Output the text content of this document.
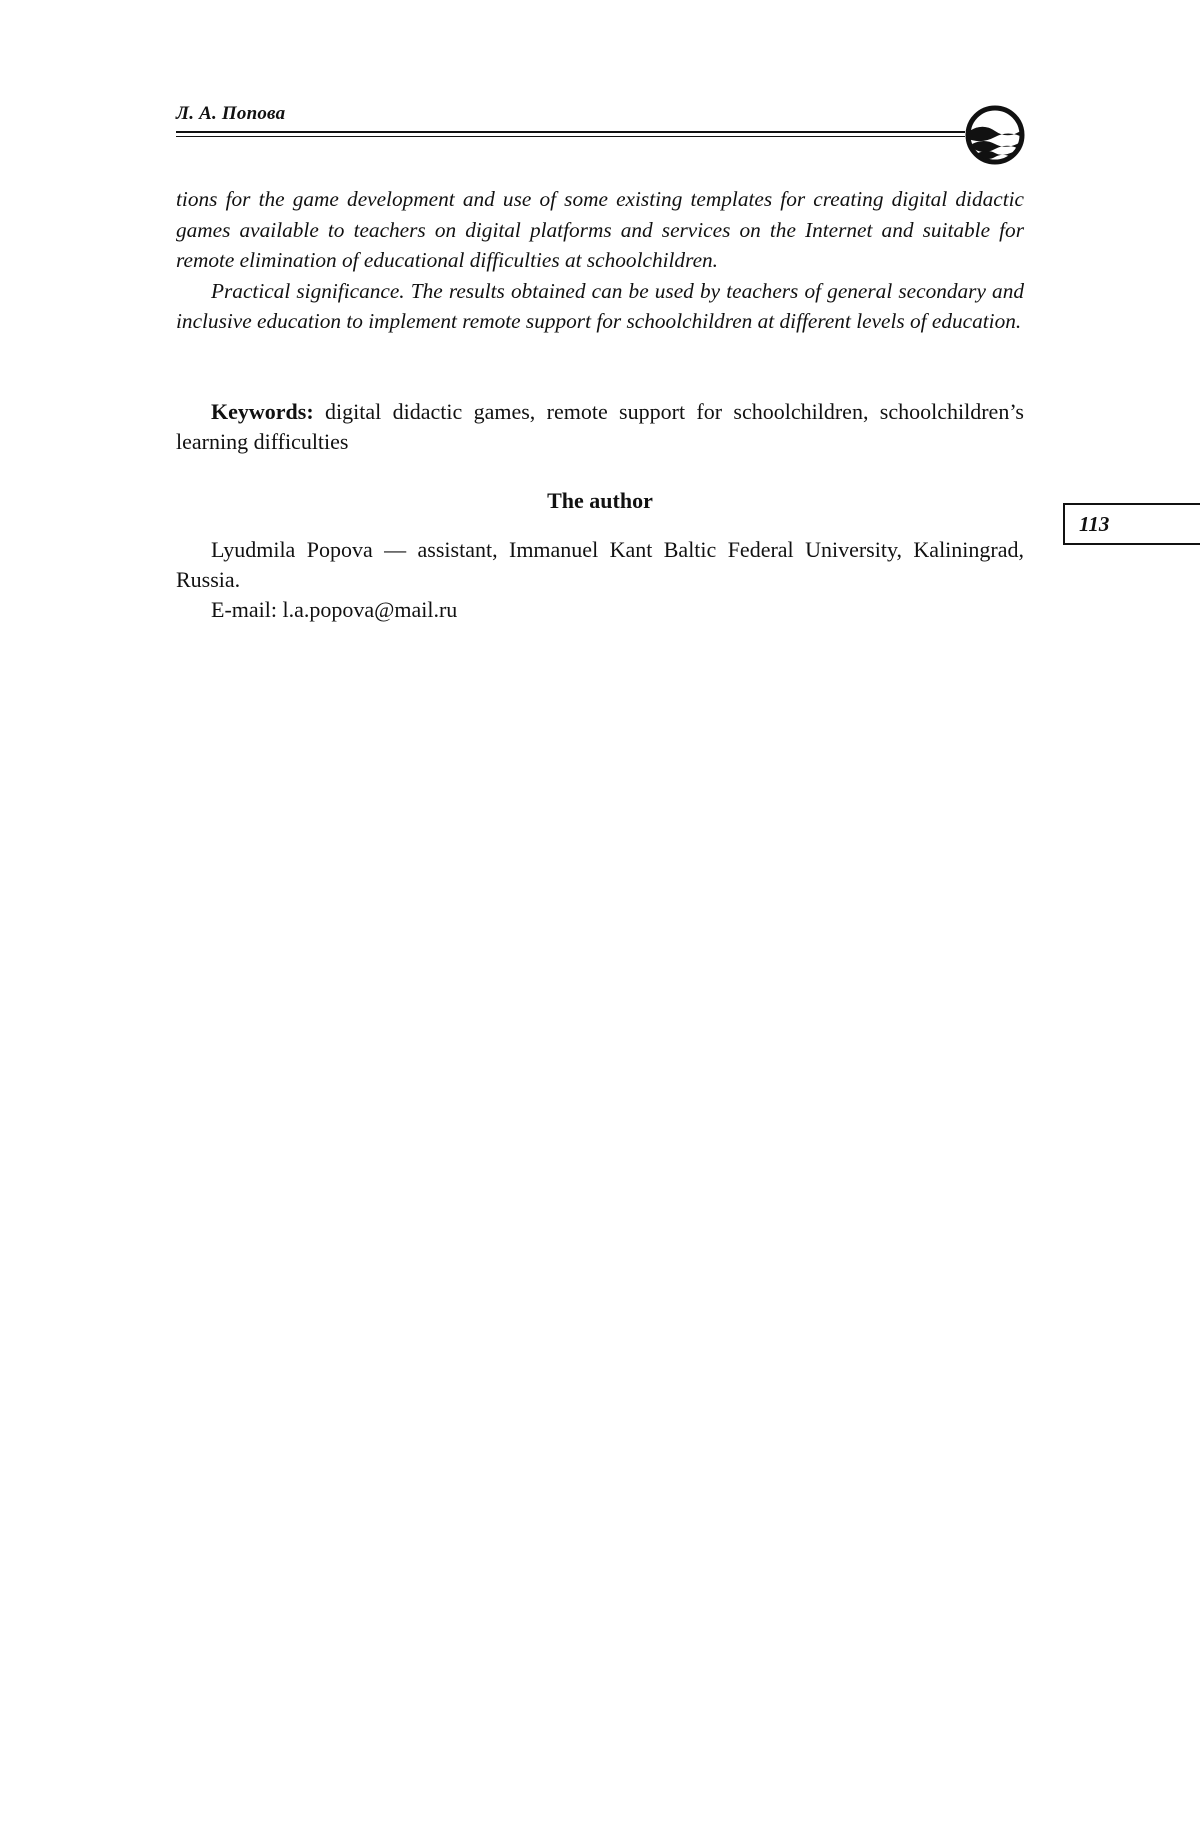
Л. А. Попова

tions for the game development and use of some existing templates for creating digital didactic games available to teachers on digital platforms and services on the Internet and suitable for remote elimination of educational difficulties at schoolchildren.

Practical significance. The results obtained can be used by teachers of general secondary and inclusive education to implement remote support for schoolchildren at different levels of education.

Keywords: digital didactic games, remote support for schoolchildren, schoolchildren’s learning difficulties

The author

Lyudmila Popova — assistant, Immanuel Kant Baltic Federal University, Kaliningrad, Russia.

E-mail: l.a.popova@mail.ru

113
